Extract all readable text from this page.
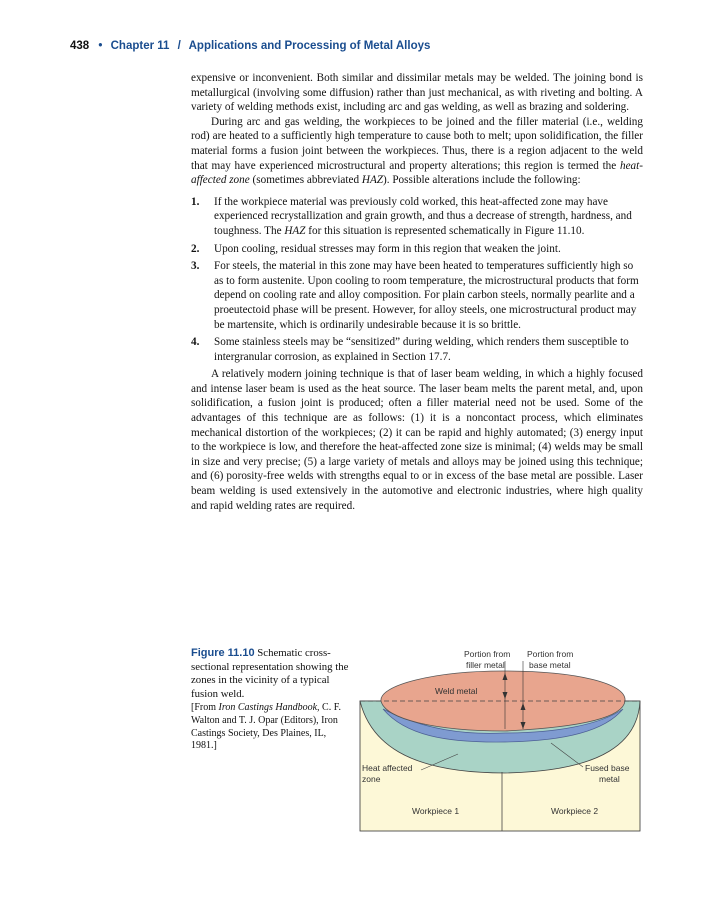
438 • Chapter 11 / Applications and Processing of Metal Alloys

expensive or inconvenient. Both similar and dissimilar metals may be welded. The joining bond is metallurgical (involving some diffusion) rather than just mechanical, as with riveting and bolting. A variety of welding methods exist, including arc and gas welding, as well as brazing and soldering.

During arc and gas welding, the workpieces to be joined and the filler material (i.e., welding rod) are heated to a sufficiently high temperature to cause both to melt; upon solidification, the filler material forms a fusion joint between the workpieces. Thus, there is a region adjacent to the weld that may have experienced microstructural and property alterations; this region is termed the heat-affected zone (sometimes abbreviated HAZ). Possible alterations include the following:

1. If the workpiece material was previously cold worked, this heat-affected zone may have experienced recrystallization and grain growth, and thus a decrease of strength, hardness, and toughness. The HAZ for this situation is represented schematically in Figure 11.10.
2. Upon cooling, residual stresses may form in this region that weaken the joint.
3. For steels, the material in this zone may have been heated to temperatures sufficiently high so as to form austenite. Upon cooling to room temperature, the microstructural products that form depend on cooling rate and alloy composition. For plain carbon steels, normally pearlite and a proeutectoid phase will be present. However, for alloy steels, one microstructural product may be martensite, which is ordinarily undesirable because it is so brittle.
4. Some stainless steels may be “sensitized” during welding, which renders them susceptible to intergranular corrosion, as explained in Section 17.7.

A relatively modern joining technique is that of laser beam welding, in which a highly focused and intense laser beam is used as the heat source. The laser beam melts the parent metal, and, upon solidification, a fusion joint is produced; often a filler material need not be used. Some of the advantages of this technique are as follows: (1) it is a noncontact process, which eliminates mechanical distortion of the workpieces; (2) it can be rapid and highly automated; (3) energy input to the workpiece is low, and therefore the heat-affected zone size is minimal; (4) welds may be small in size and very precise; (5) a large variety of metals and alloys may be joined using this technique; and (6) porosity-free welds with strengths equal to or in excess of the base metal are possible. Laser beam welding is used extensively in the automotive and electronic industries, where high quality and rapid welding rates are required.

Figure 11.10 Schematic cross-sectional representation showing the zones in the vicinity of a typical fusion weld.
[From Iron Castings Handbook, C. F. Walton and T. J. Opar (Editors), Iron Castings Society, Des Plaines, IL, 1981.]
Portion from
filler metal
Portion from
base metal
Weld metal
Heat affected
zone
Fused base
metal
Workpiece 1	Workpiece 2
